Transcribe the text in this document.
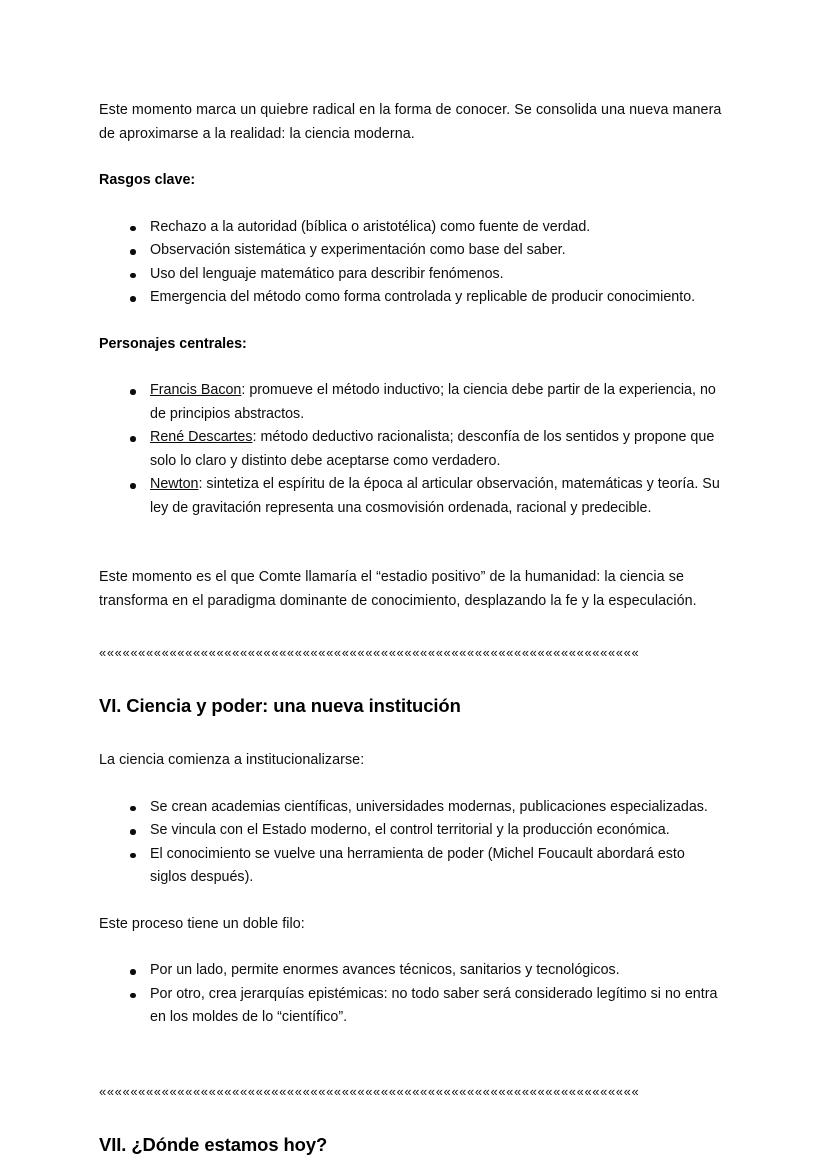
Este momento marca un quiebre radical en la forma de conocer. Se consolida una nueva manera de aproximarse a la realidad: la ciencia moderna.

Rasgos clave:
Rechazo a la autoridad (bíblica o aristotélica) como fuente de verdad.
Observación sistemática y experimentación como base del saber.
Uso del lenguaje matemático para describir fenómenos.
Emergencia del método como forma controlada y replicable de producir conocimiento.
Personajes centrales:
Francis Bacon: promueve el método inductivo; la ciencia debe partir de la experiencia, no de principios abstractos.
René Descartes: método deductivo racionalista; desconfía de los sentidos y propone que solo lo claro y distinto debe aceptarse como verdadero.
Newton: sintetiza el espíritu de la época al articular observación, matemáticas y teoría. Su ley de gravitación representa una cosmovisión ordenada, racional y predecible.

Este momento es el que Comte llamaría el “estadio positivo” de la humanidad: la ciencia se transforma en el paradigma dominante de conocimiento, desplazando la fe y la especulación.

«««««««««««««««««««««««««««««««««««««««««««««««««««««««««««««««««««««
VI. Ciencia y poder: una nueva institución

La ciencia comienza a institucionalizarse:

Se crean academias científicas, universidades modernas, publicaciones especializadas.
Se vincula con el Estado moderno, el control territorial y la producción económica.
El conocimiento se vuelve una herramienta de poder (Michel Foucault abordará esto siglos después).

Este proceso tiene un doble filo:

Por un lado, permite enormes avances técnicos, sanitarios y tecnológicos.
Por otro, crea jerarquías epistémicas: no todo saber será considerado legítimo si no entra en los moldes de lo “científico”.
«««««««««««««««««««««««««««««««««««««««««««««««««««««««««««««««««««««
VII. ¿Dónde estamos hoy?
